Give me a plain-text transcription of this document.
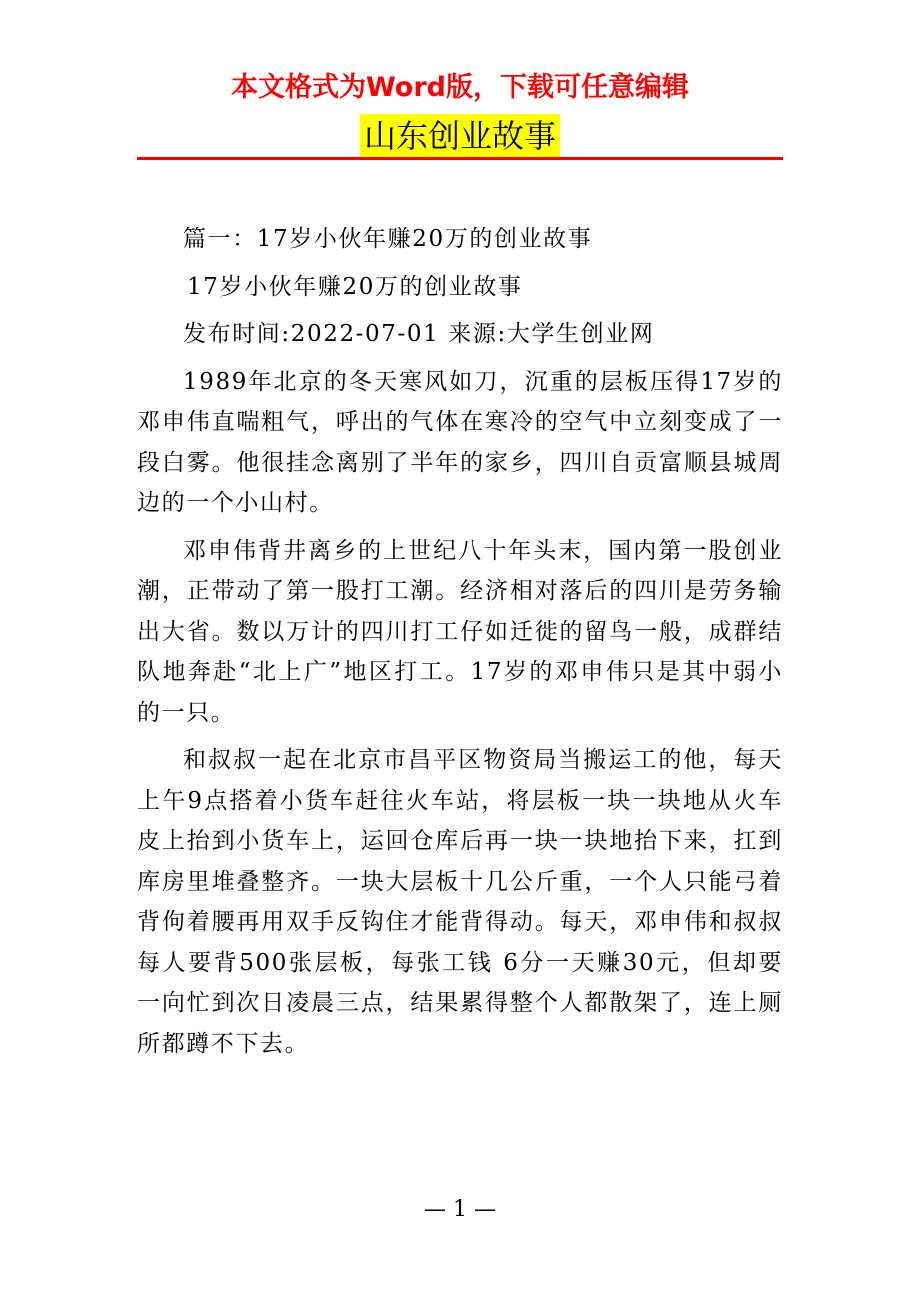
本文格式为Word版，下载可任意编辑
山东创业故事

篇一：17岁小伙年赚20万的创业故事

17岁小伙年赚20万的创业故事

发布时间:2022-07-01 来源:大学生创业网

1989年北京的冬天寒风如刀，沉重的层板压得17岁的邓申伟直喘粗气，呼出的气体在寒冷的空气中立刻变成了一段白雾。他很挂念离别了半年的家乡，四川自贡富顺县城周边的一个小山村。

邓申伟背井离乡的上世纪八十年头末，国内第一股创业潮，正带动了第一股打工潮。经济相对落后的四川是劳务输出大省。数以万计的四川打工仔如迁徙的留鸟一般，成群结队地奔赴“北上广”地区打工。17岁的邓申伟只是其中弱小的一只。

和叔叔一起在北京市昌平区物资局当搬运工的他，每天上午9点搭着小货车赶往火车站，将层板一块一块地从火车皮上抬到小货车上，运回仓库后再一块一块地抬下来，扛到库房里堆叠整齐。一块大层板十几公斤重，一个人只能弓着背佝着腰再用双手反钩住才能背得动。每天，邓申伟和叔叔每人要背500张层板，每张工钱 6分一天赚30元，但却要一向忙到次日凌晨三点，结果累得整个人都散架了，连上厕所都蹲不下去。

— 1 —
